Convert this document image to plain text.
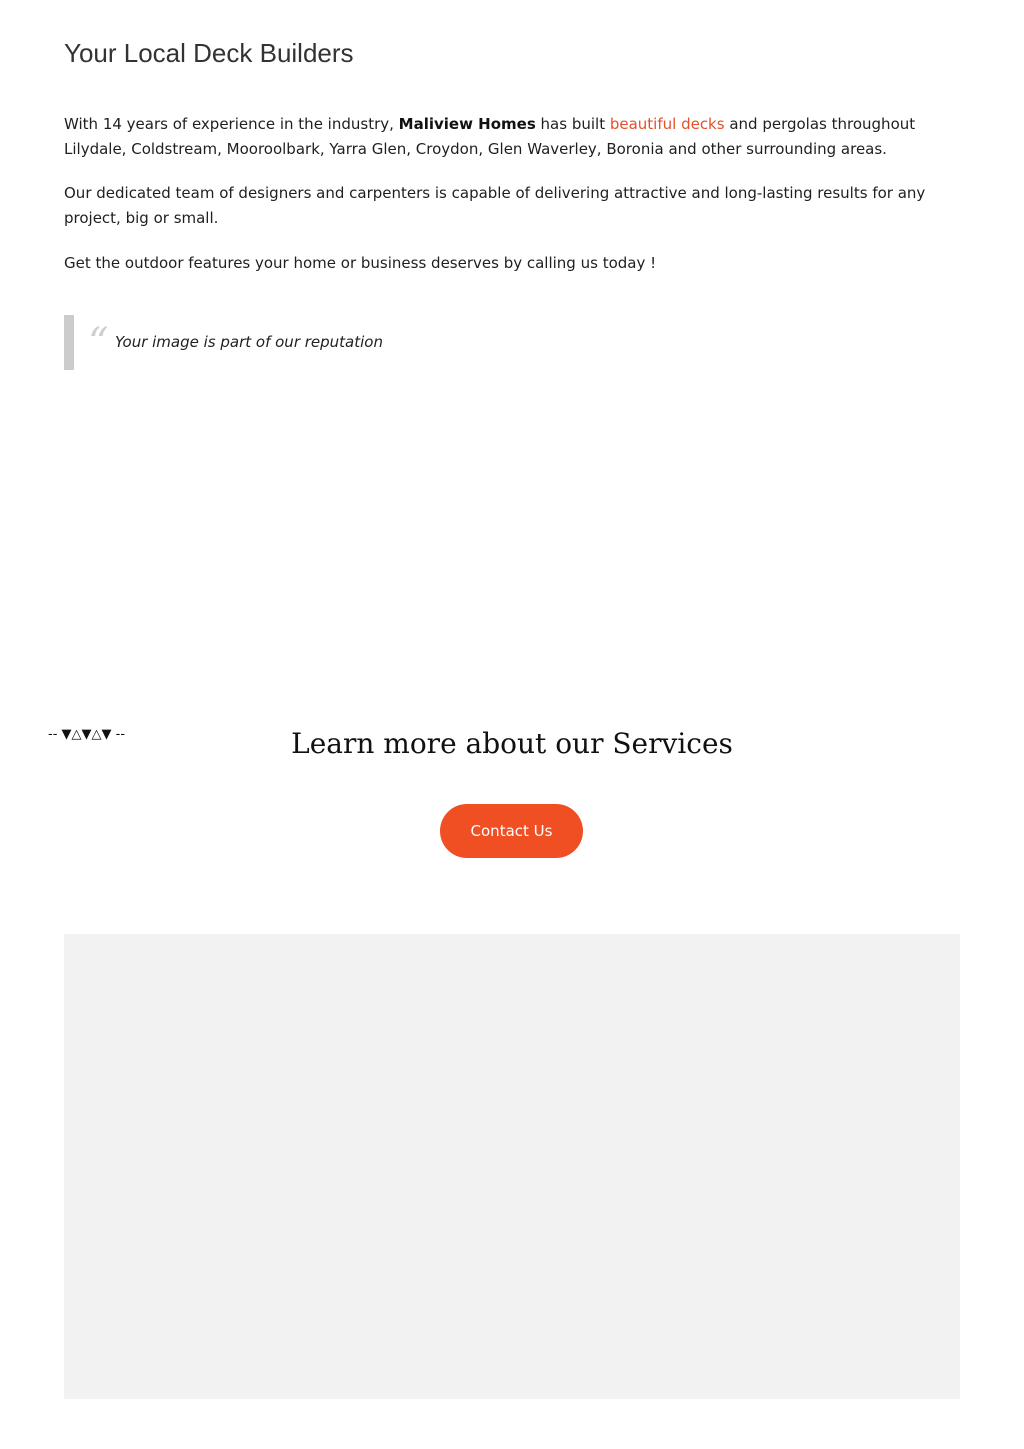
Your Local Deck Builders

With 14 years of experience in the industry, Maliview Homes has built beautiful decks and pergolas throughout Lilydale, Coldstream, Mooroolbark, Yarra Glen, Croydon, Glen Waverley, Boronia and other surrounding areas.

Our dedicated team of designers and carpenters is capable of delivering attractive and long-lasting results for any project, big or small.

Get the outdoor features your home or business deserves by calling us today !

“ Your image is part of our reputation
-- ▼△▼△▼ --	Learn more about our Services
Contact Us
